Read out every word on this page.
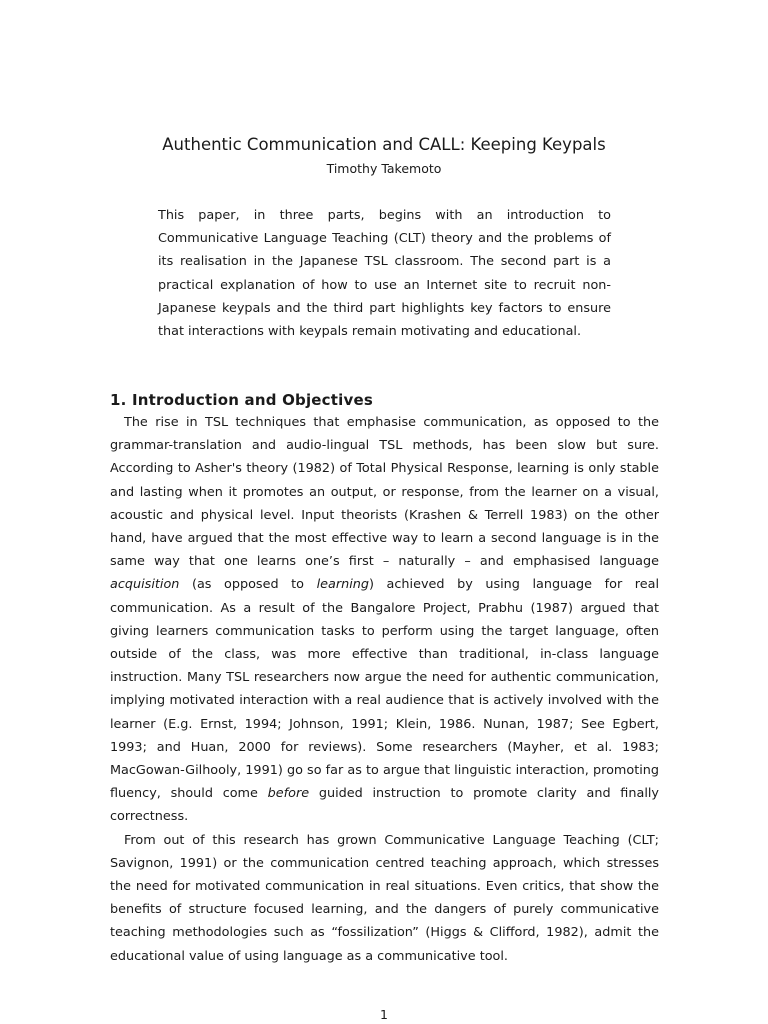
Authentic Communication and CALL: Keeping Keypals
Timothy Takemoto

This paper, in three parts, begins with an introduction to Communicative Language Teaching (CLT) theory and the problems of its realisation in the Japanese TSL classroom. The second part is a practical explanation of how to use an Internet site to recruit non-Japanese keypals and the third part highlights key factors to ensure that interactions with keypals remain motivating and educational.

1. Introduction and Objectives

The rise in TSL techniques that emphasise communication, as opposed to the grammar-translation and audio-lingual TSL methods, has been slow but sure. According to Asher's theory (1982) of Total Physical Response, learning is only stable and lasting when it promotes an output, or response, from the learner on a visual, acoustic and physical level. Input theorists (Krashen & Terrell 1983) on the other hand, have argued that the most effective way to learn a second language is in the same way that one learns one’s first – naturally – and emphasised language acquisition (as opposed to learning) achieved by using language for real communication. As a result of the Bangalore Project, Prabhu (1987) argued that giving learners communication tasks to perform using the target language, often outside of the class, was more effective than traditional, in-class language instruction. Many TSL researchers now argue the need for authentic communication, implying motivated interaction with a real audience that is actively involved with the learner (E.g. Ernst, 1994; Johnson, 1991; Klein, 1986. Nunan, 1987; See Egbert, 1993; and Huan, 2000 for reviews). Some researchers (Mayher, et al. 1983; MacGowan-Gilhooly, 1991) go so far as to argue that linguistic interaction, promoting fluency, should come before guided instruction to promote clarity and finally correctness.

From out of this research has grown Communicative Language Teaching (CLT; Savignon, 1991) or the communication centred teaching approach, which stresses the need for motivated communication in real situations. Even critics, that show the benefits of structure focused learning, and the dangers of purely communicative teaching methodologies such as “fossilization” (Higgs & Clifford, 1982), admit the educational value of using language as a communicative tool.

1
